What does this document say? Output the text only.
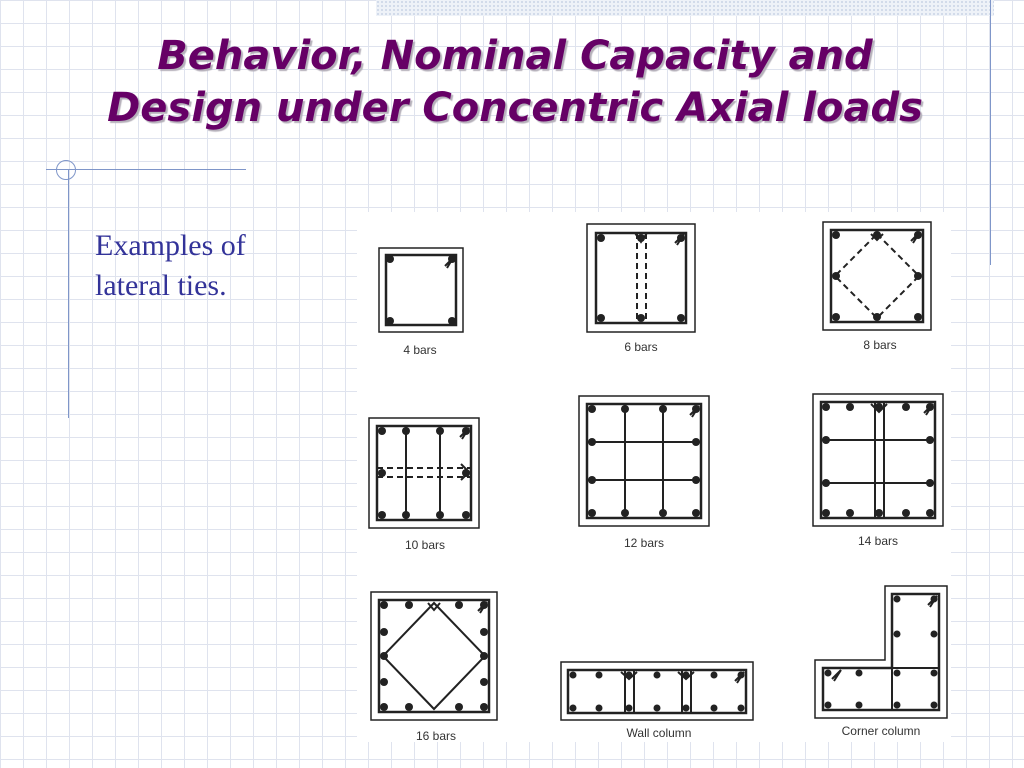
Behavior, Nominal Capacity and
Design under Concentric Axial loads

Examples of lateral ties.

4 bars	6 bars	8 bars
10 bars	12 bars	14 bars
16 bars	Wall column	Corner column
